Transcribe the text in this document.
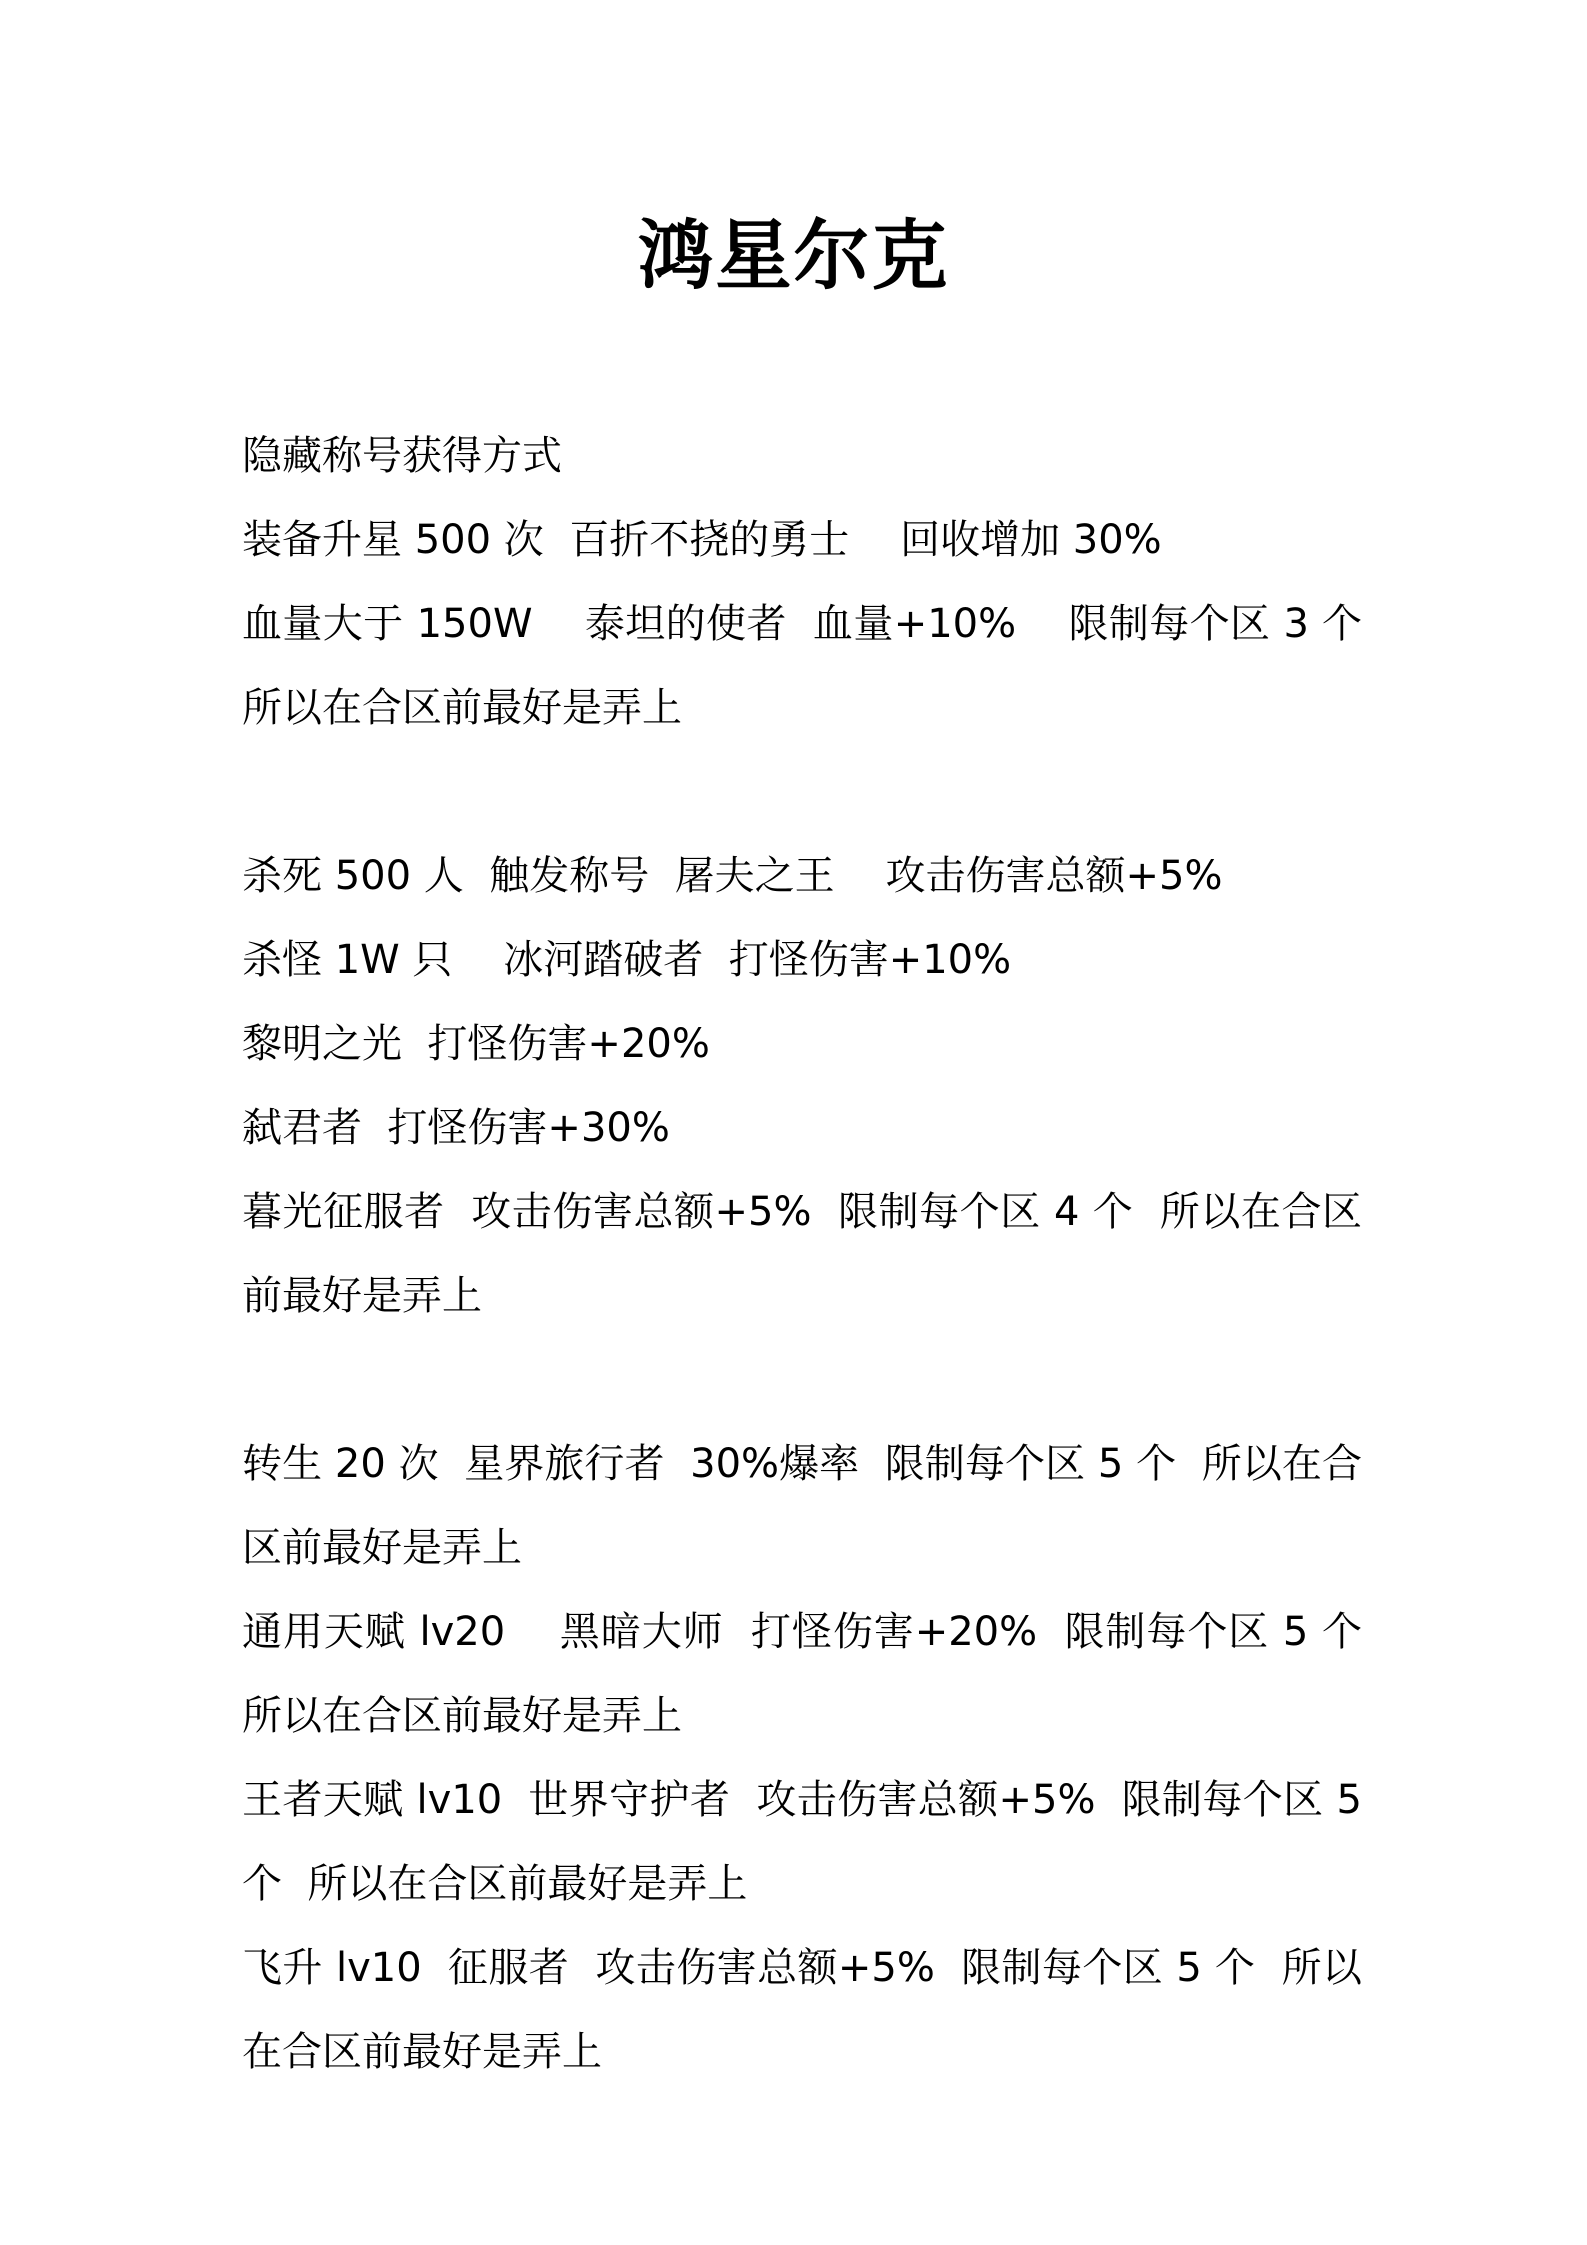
鸿星尔克

隐藏称号获得方式

装备升星 500 次  百折不挠的勇士    回收增加 30%

血量大于 150W    泰坦的使者  血量+10%    限制每个区 3 个 所以在合区前最好是弄上

杀死 500 人  触发称号  屠夫之王    攻击伤害总额+5%

杀怪 1W 只    冰河踏破者  打怪伤害+10%

黎明之光  打怪伤害+20%

弑君者  打怪伤害+30%

暮光征服者  攻击伤害总额+5%  限制每个区 4 个  所以在合区前最好是弄上

转生 20 次  星界旅行者  30%爆率  限制每个区 5 个  所以在合区前最好是弄上

通用天赋 lv20    黑暗大师  打怪伤害+20%  限制每个区 5 个 所以在合区前最好是弄上

王者天赋 lv10  世界守护者  攻击伤害总额+5%  限制每个区 5 个  所以在合区前最好是弄上

飞升 lv10  征服者  攻击伤害总额+5%  限制每个区 5 个  所以在合区前最好是弄上
